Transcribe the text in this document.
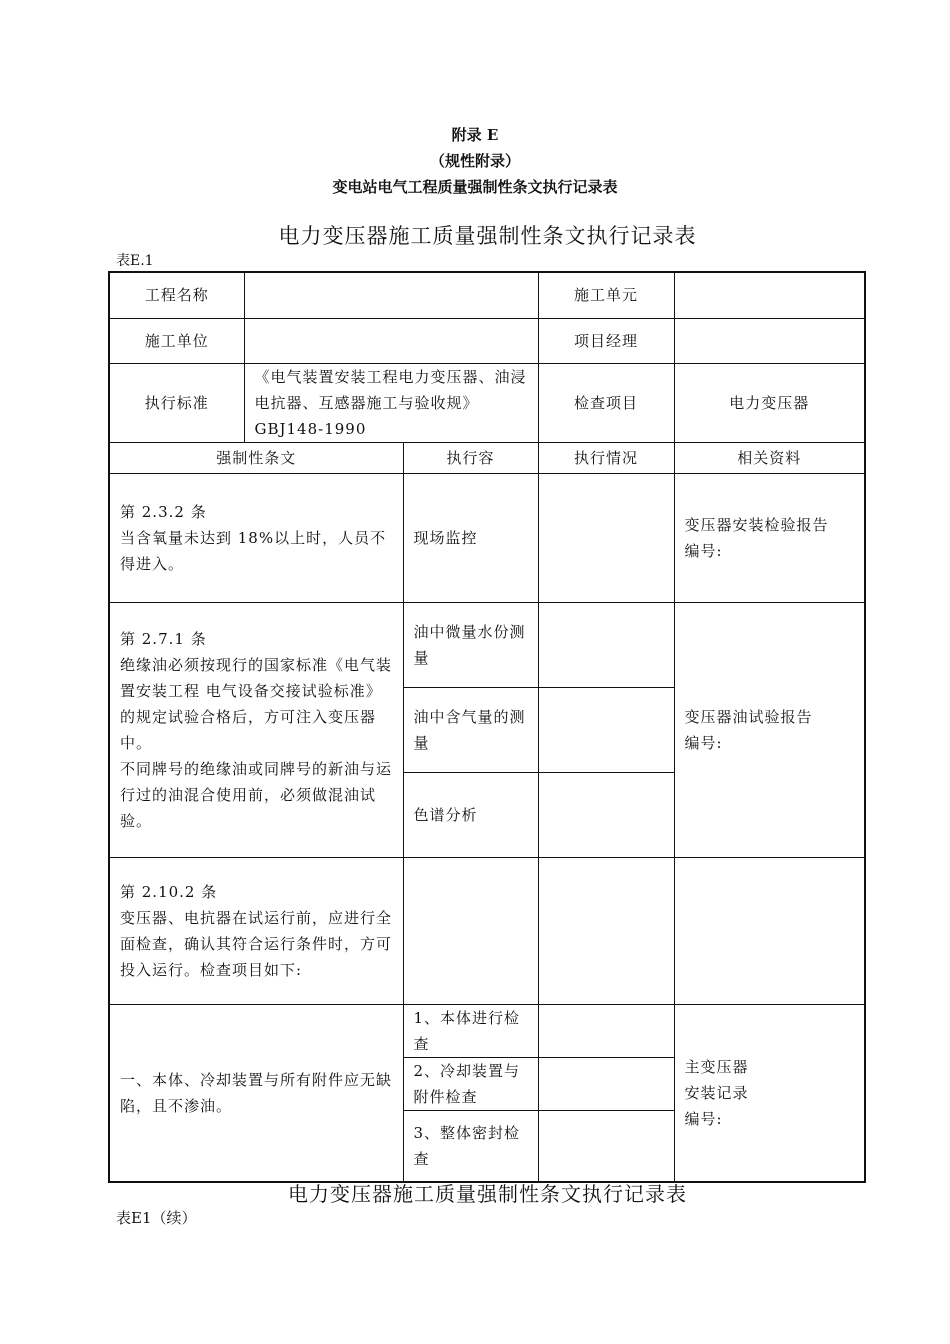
附录 E
（规性附录）
变电站电气工程质量强制性条文执行记录表
电力变压器施工质量强制性条文执行记录表
表E.1
工程名称			施工单元	
施工单位			项目经理	
执行标准	《电气装置安装工程电力变压器、油浸电抗器、互感器施工与验收规》GBJ148-1990		检查项目	电力变压器
强制性条文		执行容	执行情况	相关资料
第 2.3.2 条
当含氧量未达到 18%以上时，人员不得进入。		现场监控		变压器安装检验报告
编号:
第 2.7.1 条
绝缘油必须按现行的国家标准《电气装置安装工程 电气设备交接试验标准》的规定试验合格后，方可注入变压器中。
不同牌号的绝缘油或同牌号的新油与运行过的油混合使用前，必须做混油试验。		油中微量水份测量		变压器油试验报告
编号:
		油中含气量的测量		
		色谱分析		
第 2.10.2 条
变压器、电抗器在试运行前，应进行全面检查，确认其符合运行条件时，方可投入运行。检查项目如下:				
一、本体、冷却装置与所有附件应无缺陷，且不渗油。		1、本体进行检查		主变压器
安装记录
编号:
		2、冷却装置与附件检查		
		3、整体密封检查		
电力变压器施工质量强制性条文执行记录表
表E1（续）
